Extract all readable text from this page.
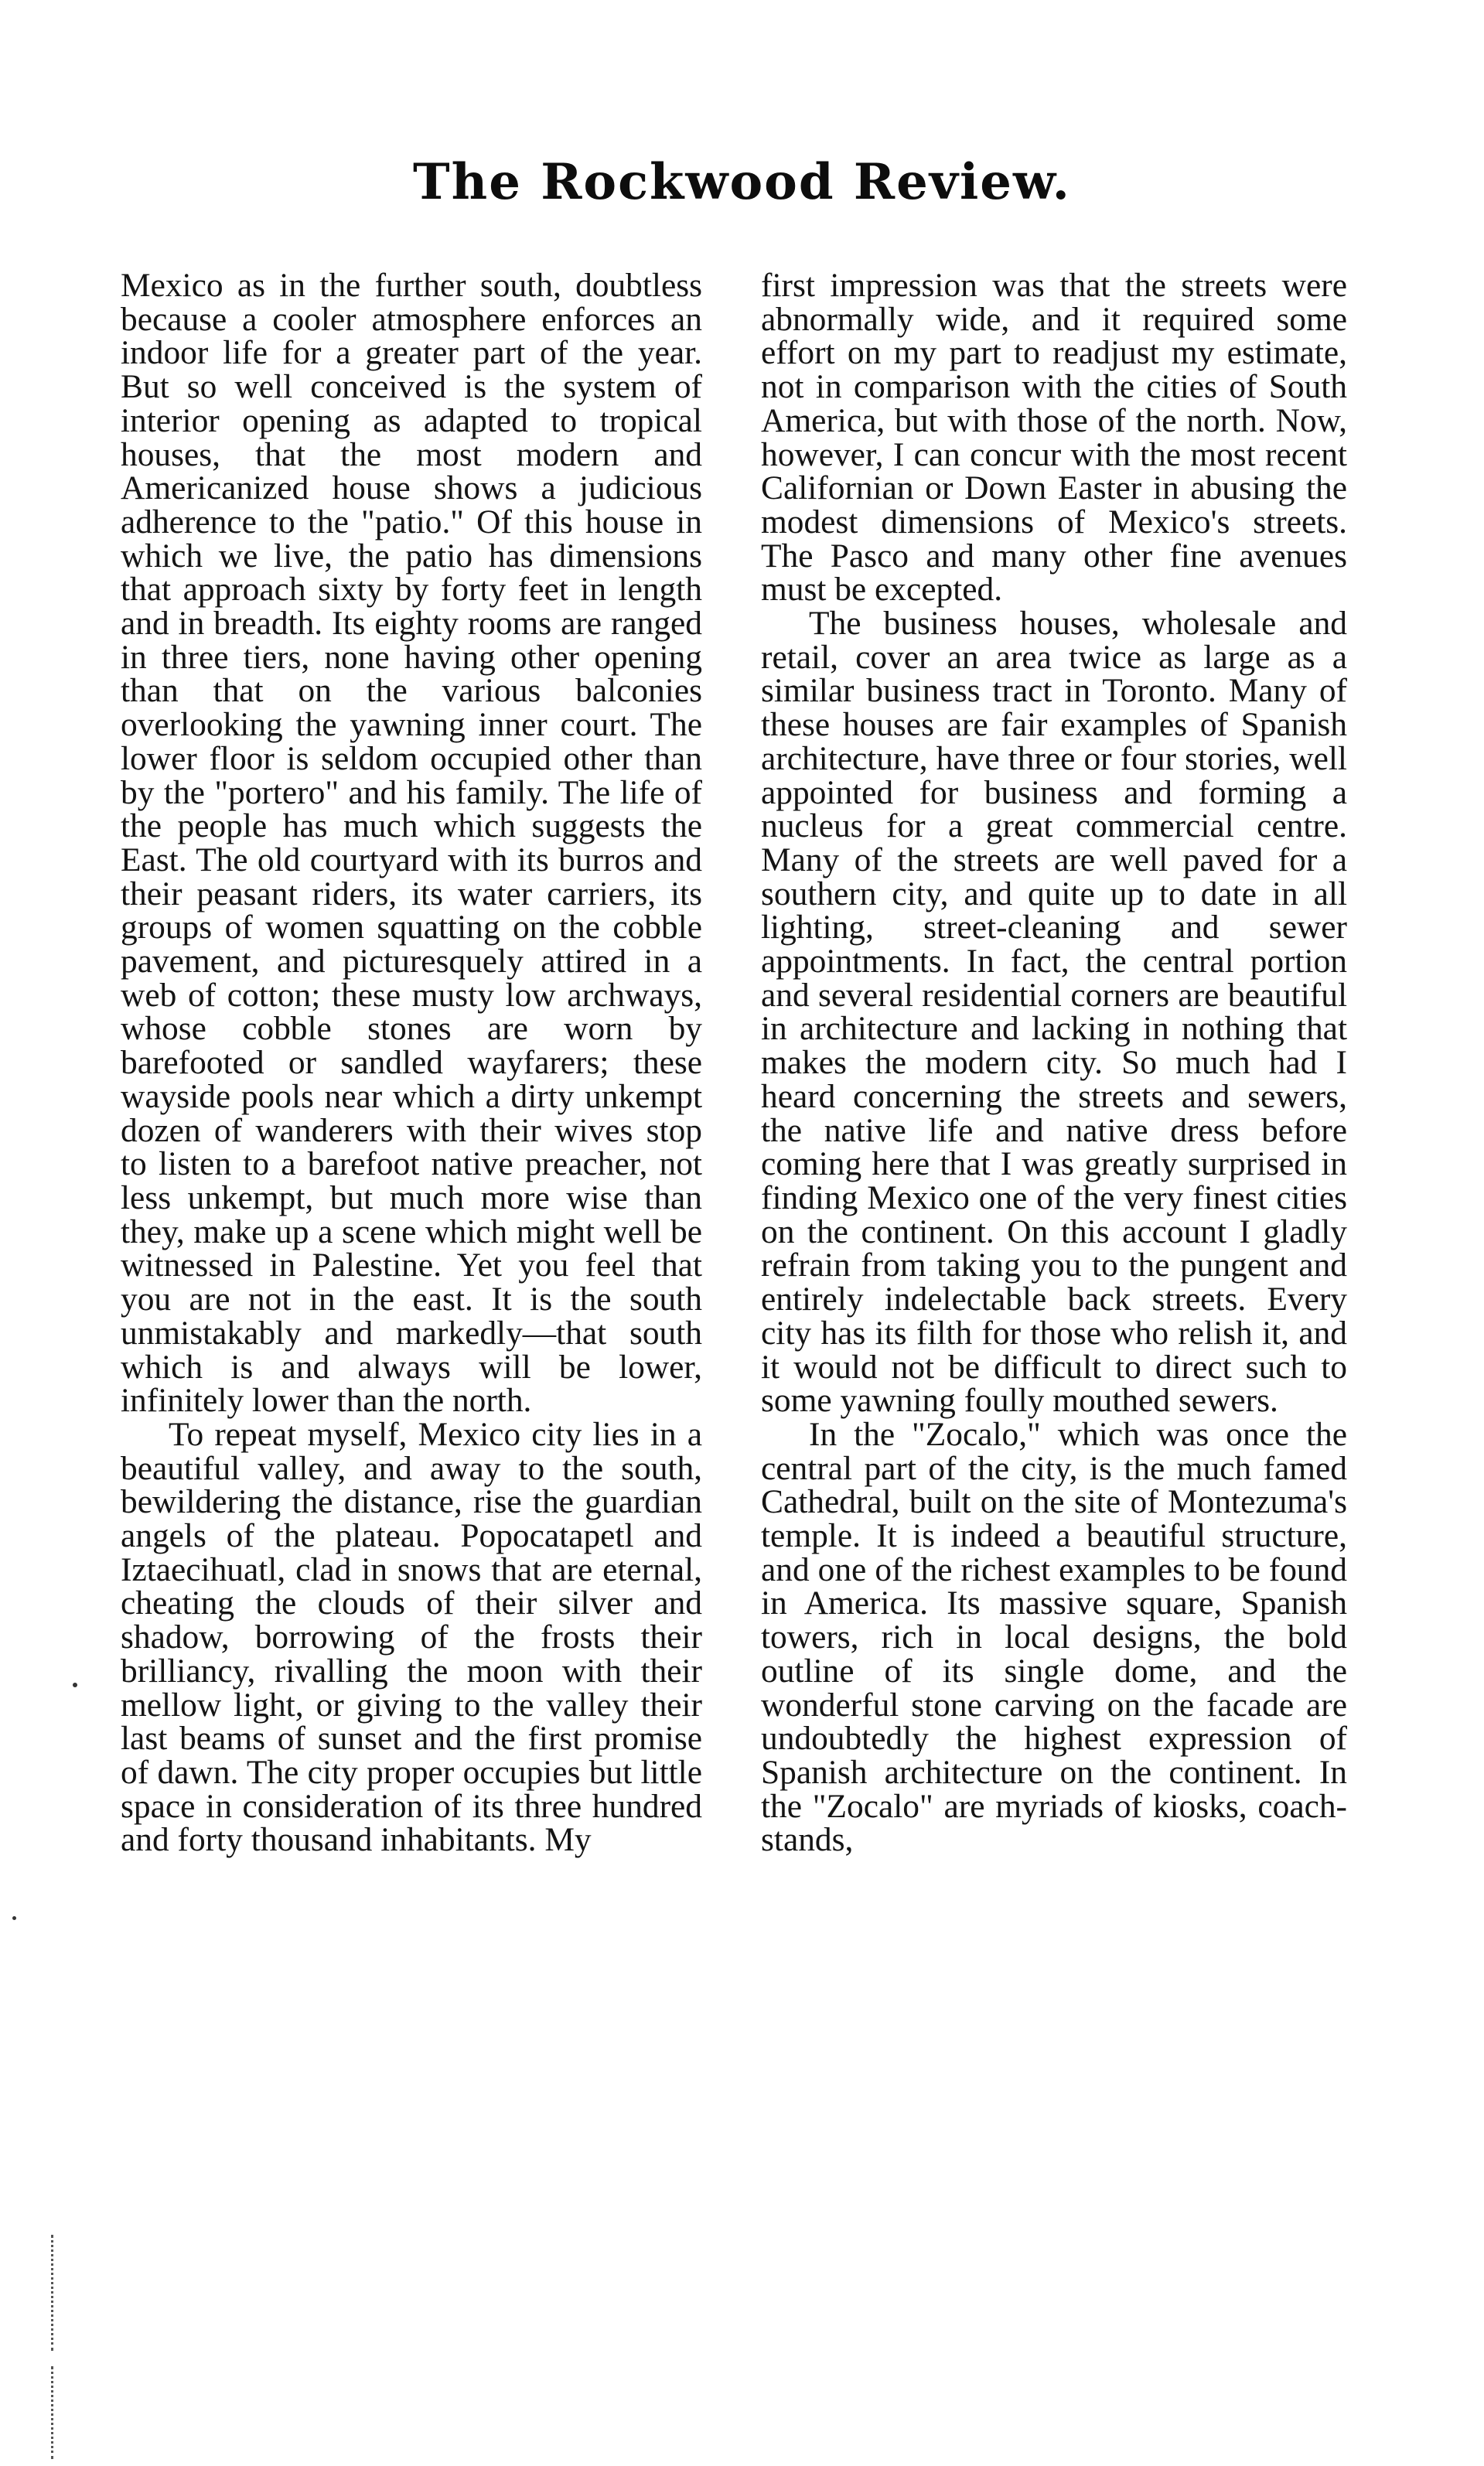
The Rockwood Review.

Mexico as in the further south, doubtless because a cooler atmosphere enforces an indoor life for a greater part of the year. But so well conceived is the system of interior opening as adapted to tropical houses, that the most modern and Americanized house shows a judicious adherence to the "patio." Of this house in which we live, the patio has dimensions that approach sixty by forty feet in length and in breadth. Its eighty rooms are ranged in three tiers, none having other opening than that on the various balconies overlooking the yawning inner court. The lower floor is seldom occupied other than by the "portero" and his family. The life of the people has much which suggests the East. The old courtyard with its burros and their peasant riders, its water carriers, its groups of women squatting on the cobble pavement, and picturesquely attired in a web of cotton; these musty low archways, whose cobble stones are worn by barefooted or sandled wayfarers; these wayside pools near which a dirty unkempt dozen of wanderers with their wives stop to listen to a barefoot native preacher, not less unkempt, but much more wise than they, make up a scene which might well be witnessed in Palestine. Yet you feel that you are not in the east. It is the south unmistakably and markedly—that south which is and always will be lower, infinitely lower than the north.

To repeat myself, Mexico city lies in a beautiful valley, and away to the south, bewildering the distance, rise the guardian angels of the plateau. Popocatapetl and Iztaecihuatl, clad in snows that are eternal, cheating the clouds of their silver and shadow, borrowing of the frosts their brilliancy, rivalling the moon with their mellow light, or giving to the valley their last beams of sunset and the first promise of dawn. The city proper occupies but little space in consideration of its three hundred and forty thousand inhabitants. My

first impression was that the streets were abnormally wide, and it required some effort on my part to readjust my estimate, not in comparison with the cities of South America, but with those of the north. Now, however, I can concur with the most recent Californian or Down Easter in abusing the modest dimensions of Mexico's streets. The Pasco and many other fine avenues must be excepted.

The business houses, wholesale and retail, cover an area twice as large as a similar business tract in Toronto. Many of these houses are fair examples of Spanish architecture, have three or four stories, well appointed for business and forming a nucleus for a great commercial centre. Many of the streets are well paved for a southern city, and quite up to date in all lighting, street-cleaning and sewer appointments. In fact, the central portion and several residential corners are beautiful in architecture and lacking in nothing that makes the modern city. So much had I heard concerning the streets and sewers, the native life and native dress before coming here that I was greatly surprised in finding Mexico one of the very finest cities on the continent. On this account I gladly refrain from taking you to the pungent and entirely indelectable back streets. Every city has its filth for those who relish it, and it would not be difficult to direct such to some yawning foully mouthed sewers.

In the "Zocalo," which was once the central part of the city, is the much famed Cathedral, built on the site of Montezuma's temple. It is indeed a beautiful structure, and one of the richest examples to be found in America. Its massive square, Spanish towers, rich in local designs, the bold outline of its single dome, and the wonderful stone carving on the facade are undoubtedly the highest expression of Spanish architecture on the continent. In the "Zocalo" are myriads of kiosks, coach-stands,
